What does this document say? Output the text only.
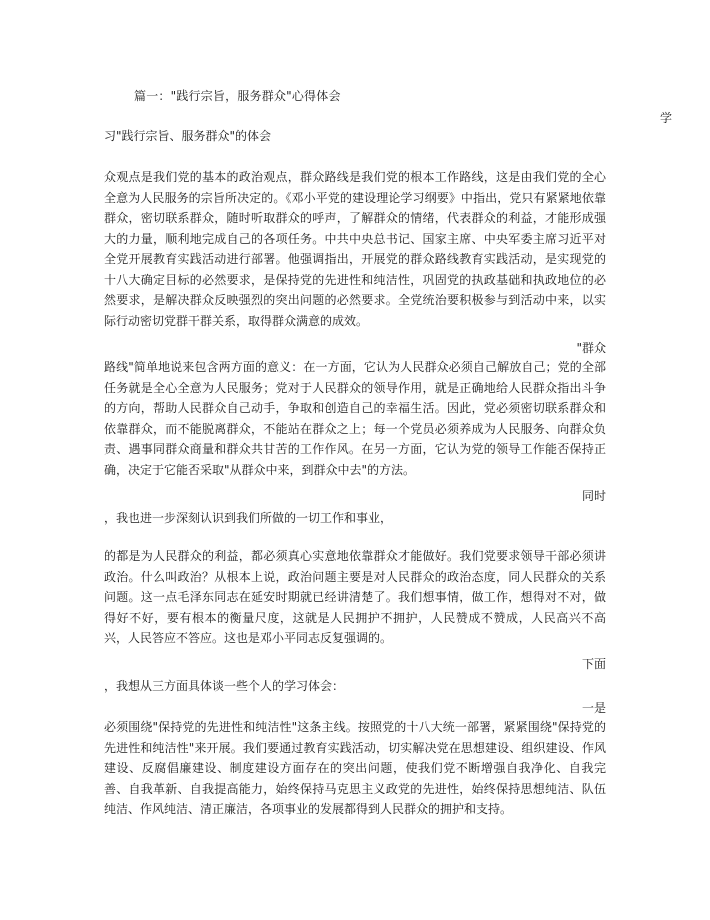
篇一："践行宗旨，服务群众"心得体会
学
习"践行宗旨、服务群众"的体会
众观点是我们党的基本的政治观点，群众路线是我们党的根本工作路线，这是由我们党的全心全意为人民服务的宗旨所决定的。《邓小平党的建设理论学习纲要》中指出，党只有紧紧地依靠群众，密切联系群众，随时听取群众的呼声，了解群众的情绪，代表群众的利益，才能形成强大的力量，顺利地完成自己的各项任务。中共中央总书记、国家主席、中央军委主席习近平对全党开展教育实践活动进行部署。他强调指出，开展党的群众路线教育实践活动，是实现党的十八大确定目标的必然要求，是保持党的先进性和纯洁性，巩固党的执政基础和执政地位的必然要求，是解决群众反映强烈的突出问题的必然要求。全党统治要积极参与到活动中来，以实际行动密切党群干群关系，取得群众满意的成效。
"群众
路线"简单地说来包含两方面的意义：在一方面，它认为人民群众必须自己解放自己；党的全部任务就是全心全意为人民服务；党对于人民群众的领导作用，就是正确地给人民群众指出斗争的方向，帮助人民群众自己动手，争取和创造自己的幸福生活。因此，党必须密切联系群众和依靠群众，而不能脱离群众，不能站在群众之上；每一个党员必须养成为人民服务、向群众负责、遇事同群众商量和群众共甘苦的工作作风。在另一方面，它认为党的领导工作能否保持正确，决定于它能否采取"从群众中来，到群众中去"的方法。
同时
，我也进一步深刻认识到我们所做的一切工作和事业，
的都是为人民群众的利益，都必须真心实意地依靠群众才能做好。我们党要求领导干部必须讲政治。什么叫政治？从根本上说，政治问题主要是对人民群众的政治态度，同人民群众的关系问题。这一点毛泽东同志在延安时期就已经讲清楚了。我们想事情，做工作，想得对不对，做得好不好，要有根本的衡量尺度，这就是人民拥护不拥护，人民赞成不赞成，人民高兴不高兴，人民答应不答应。这也是邓小平同志反复强调的。
下面
，我想从三方面具体谈一些个人的学习体会：
一是
必须围绕"保持党的先进性和纯洁性"这条主线。按照党的十八大统一部署，紧紧围绕"保持党的先进性和纯洁性"来开展。我们要通过教育实践活动，切实解决党在思想建设、组织建设、作风建设、反腐倡廉建设、制度建设方面存在的突出问题，使我们党不断增强自我净化、自我完善、自我革新、自我提高能力，始终保持马克思主义政党的先进性，始终保持思想纯洁、队伍纯洁、作风纯洁、清正廉洁，各项事业的发展都得到人民群众的拥护和支持。
